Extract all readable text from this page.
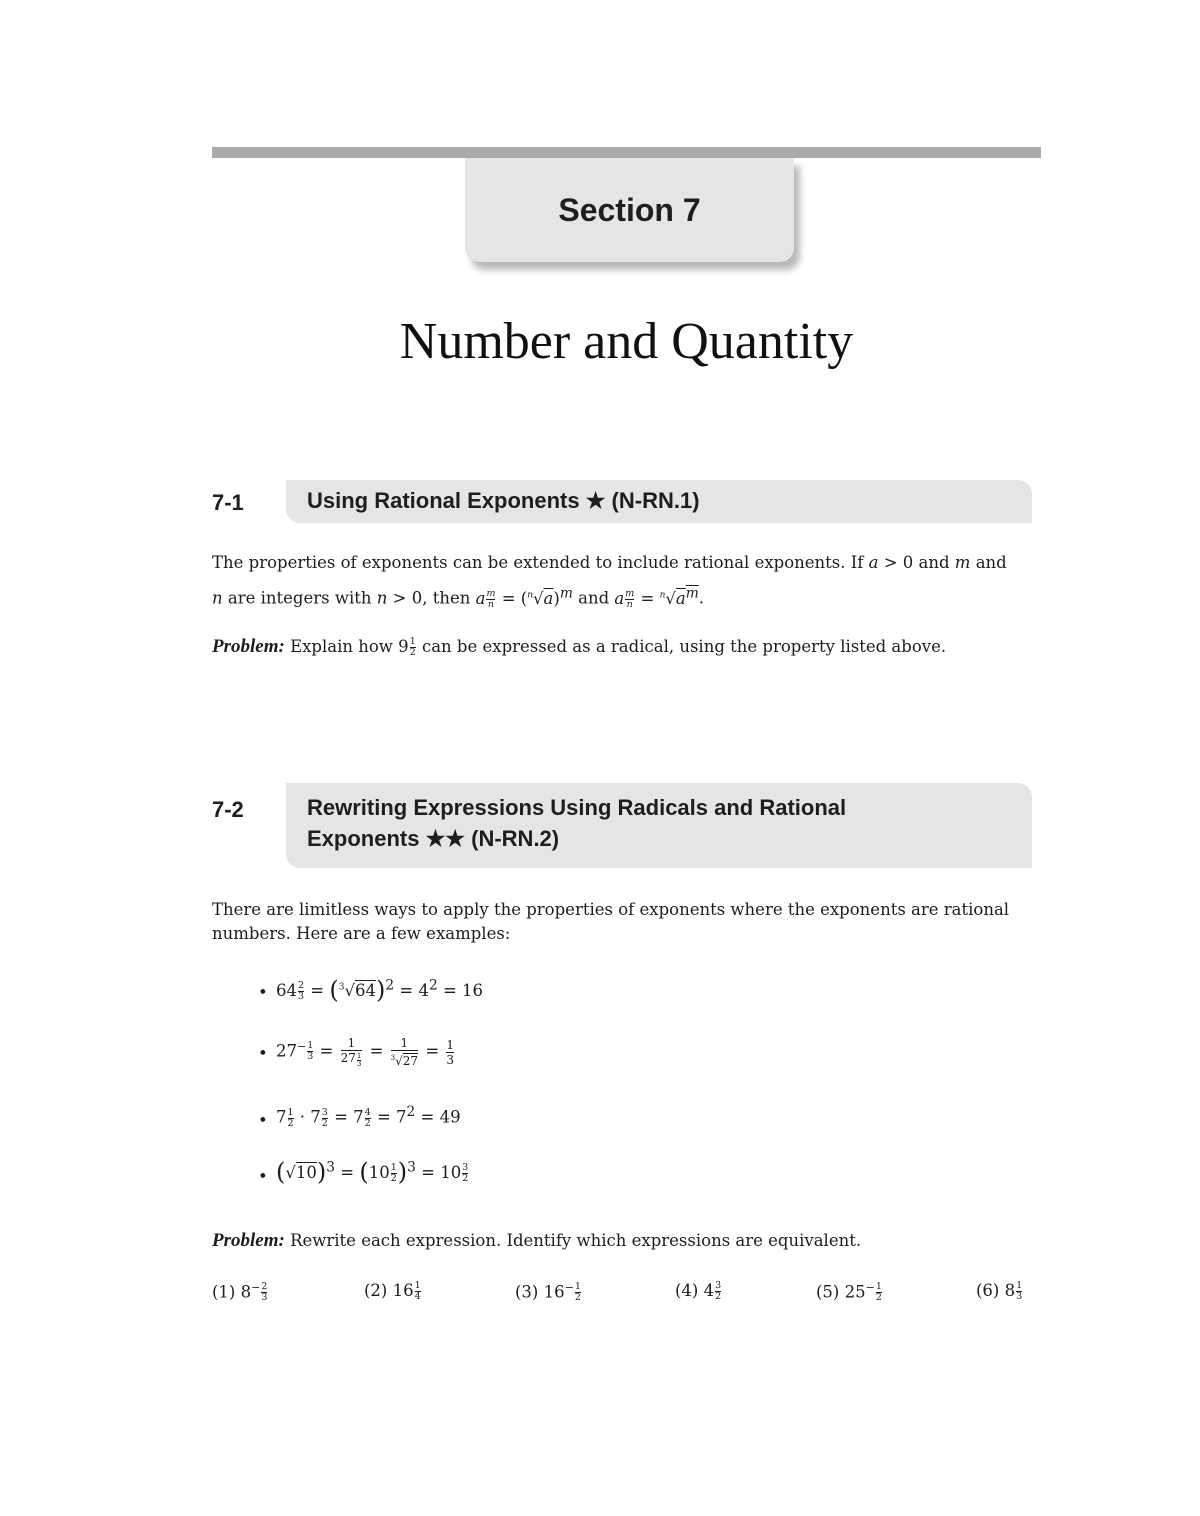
Section 7
Number and Quantity
7-1	Using Rational Exponents ★ (N-RN.1)
The properties of exponents can be extended to include rational exponents. If a > 0 and m and
n are integers with n > 0, then a $\frac{m}{n} = (^n√a)^m$ and a $\frac{m}{n} = ^n√a^m$.
Problem: Explain how $9 \frac{1}{2}$ can be expressed as a radical, using the property listed above.
7-2	Rewriting Expressions Using Radicals and Rational
Exponents ★★ (N-RN.2)
There are limitless ways to apply the properties of exponents where the exponents are rational numbers. Here are a few examples:
• $64 \frac{2}{3} = (^3√64)^2 = 4^2 = 16$
• $27^{- \frac{1}{3}} = \frac{1}{27 \frac{1}{3}} = \frac{1}{^3√27} = \frac{1}{3}$
• $7 \frac{1}{2} \cdot 7 \frac{3}{2} = 7 \frac{4}{2} = 7^2 = 49$
• $(√10)^3 = (10 \frac{1}{2} )^3 = 10 \frac{3}{2}$
Problem: Rewrite each expression. Identify which expressions are equivalent.
(1) $8^{- \frac{2}{3}}$	(2) $16 \frac{1}{4}$	(3) $16^{- \frac{1}{2}}$	(4) $4 \frac{3}{2}$	(5) $25^{- \frac{1}{2}}$	(6) $8 \frac{1}{3}$
